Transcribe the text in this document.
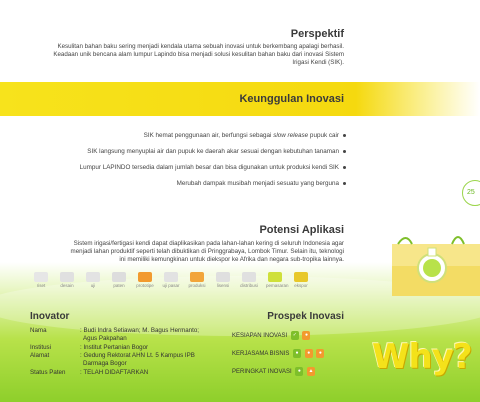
Perspektif
Kesulitan bahan baku sering menjadi kendala utama sebuah inovasi untuk berkembang apalagi berhasil.
Keadaan unik bencana alam lumpur Lapindo bisa menjadi solusi kesulitan bahan baku dari inovasi Sistem
Irigasi Kendi (SIK).
Keunggulan Inovasi
SIK hemat penggunaan air, berfungsi sebagai slow release pupuk cair
SIK langsung menyuplai air dan pupuk ke daerah akar sesuai dengan kebutuhan tanaman
Lumpur LAPINDO tersedia dalam jumlah besar dan bisa digunakan untuk produksi kendi SIK
Merubah dampak musibah menjadi sesuatu yang berguna
25
Potensi Aplikasi
Sistem irigasi/fertigasi kendi dapat diaplikasikan pada lahan-lahan kering di seluruh Indonesia agar
menjadi lahan produktif seperti telah dibuktikan di Pringgrabaya, Lombok Timur. Selain itu, teknologi
ini memiliki kemungkinan untuk diekspor ke Afrika dan negara sub-tropika lainnya.
riset	desain	uji	paten	prototipe uji pasar produksi	lisensi	distribusi pemasaran	ekspor
Inovator
Nama	: Budi Indra Setiawan; M. Bagus Hermanto;
Agus Pakpahan
Institusi	: Institut Pertanian Bogor
Alamat	: Gedung Rektorat AHN Lt. 5 Kampus IPB
Darmaga Bogor
Status Paten : TELAH DIDAFTARKAN
Prospek Inovasi
KESIAPAN INOVASI ✓ ●
KERJASAMA BISNIS ● ● ●
PERINGKAT INOVASI ● ▲ Why?
